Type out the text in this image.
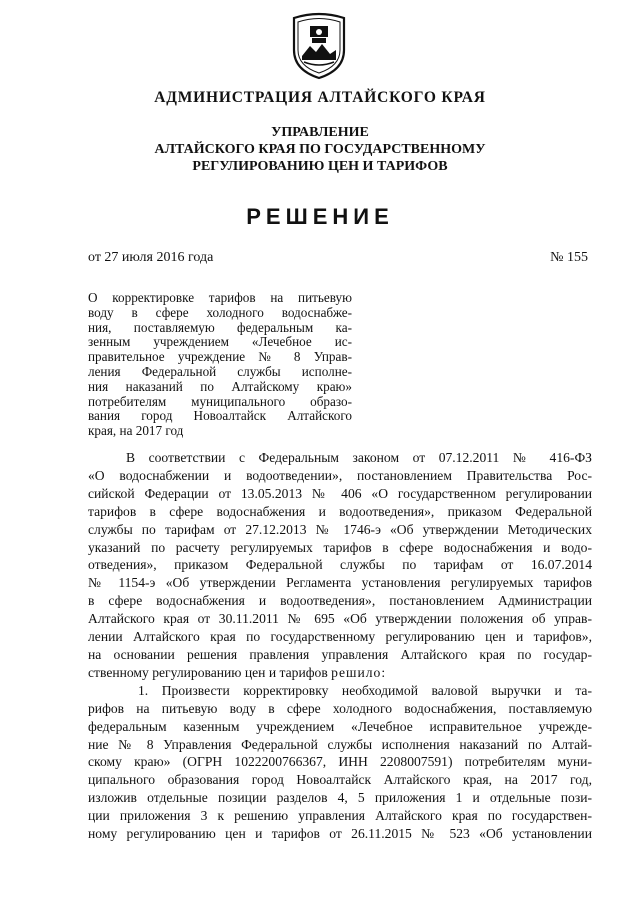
АДМИНИСТРАЦИЯ АЛТАЙСКОГО КРАЯ
УПРАВЛЕНИЕ
АЛТАЙСКОГО КРАЯ ПО ГОСУДАРСТВЕННОМУ
РЕГУЛИРОВАНИЮ ЦЕН И ТАРИФОВ
РЕШЕНИЕ
от 27 июля 2016 года	№ 155
О корректировке тарифов на питьевую
воду в сфере холодного водоснабже-
ния, поставляемую федеральным ка-
зенным учреждением «Лечебное ис-
правительное учреждение № 8 Управ-
ления Федеральной службы исполне-
ния наказаний по Алтайскому краю»
потребителям муниципального образо-
вания город Новоалтайск Алтайского
края, на 2017 год
В соответствии с Федеральным законом от 07.12.2011 № 416-ФЗ
«О водоснабжении и водоотведении», постановлением Правительства Рос-
сийской Федерации от 13.05.2013 № 406 «О государственном регулировании
тарифов в сфере водоснабжения и водоотведения», приказом Федеральной
службы по тарифам от 27.12.2013 № 1746-э «Об утверждении Методических
указаний по расчету регулируемых тарифов в сфере водоснабжения и водо-
отведения», приказом Федеральной службы по тарифам от 16.07.2014
№ 1154-э «Об утверждении Регламента установления регулируемых тарифов
в сфере водоснабжения и водоотведения», постановлением Администрации
Алтайского края от 30.11.2011 № 695 «Об утверждении положения об управ-
лении Алтайского края по государственному регулированию цен и тарифов»,
на основании решения правления управления Алтайского края по государ-
ственному регулированию цен и тарифов решило:
1. Произвести корректировку необходимой валовой выручки и та-
рифов на питьевую воду в сфере холодного водоснабжения, поставляемую
федеральным казенным учреждением «Лечебное исправительное учрежде-
ние № 8 Управления Федеральной службы исполнения наказаний по Алтай-
скому краю» (ОГРН 1022200766367, ИНН 2208007591) потребителям муни-
ципального образования город Новоалтайск Алтайского края, на 2017 год,
изложив отдельные позиции разделов 4, 5 приложения 1 и отдельные пози-
ции приложения 3 к решению управления Алтайского края по государствен-
ному регулированию цен и тарифов от 26.11.2015 № 523 «Об установлении
